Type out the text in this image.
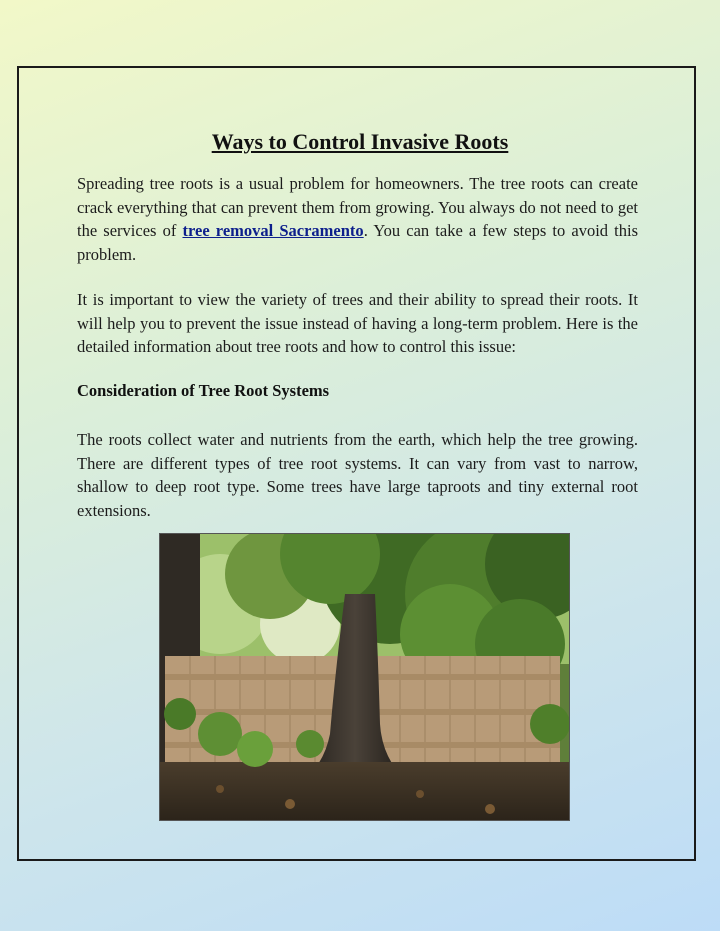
Ways to Control Invasive Roots

Spreading tree roots is a usual problem for homeowners. The tree roots can create crack everything that can prevent them from growing. You always do not need to get the services of tree removal Sacramento. You can take a few steps to avoid this problem.

It is important to view the variety of trees and their ability to spread their roots. It will help you to prevent the issue instead of having a long-term problem. Here is the detailed information about tree roots and how to control this issue:

Consideration of Tree Root Systems

The roots collect water and nutrients from the earth, which help the tree growing. There are different types of tree root systems. It can vary from vast to narrow, shallow to deep root type. Some trees have large taproots and tiny external root extensions.
